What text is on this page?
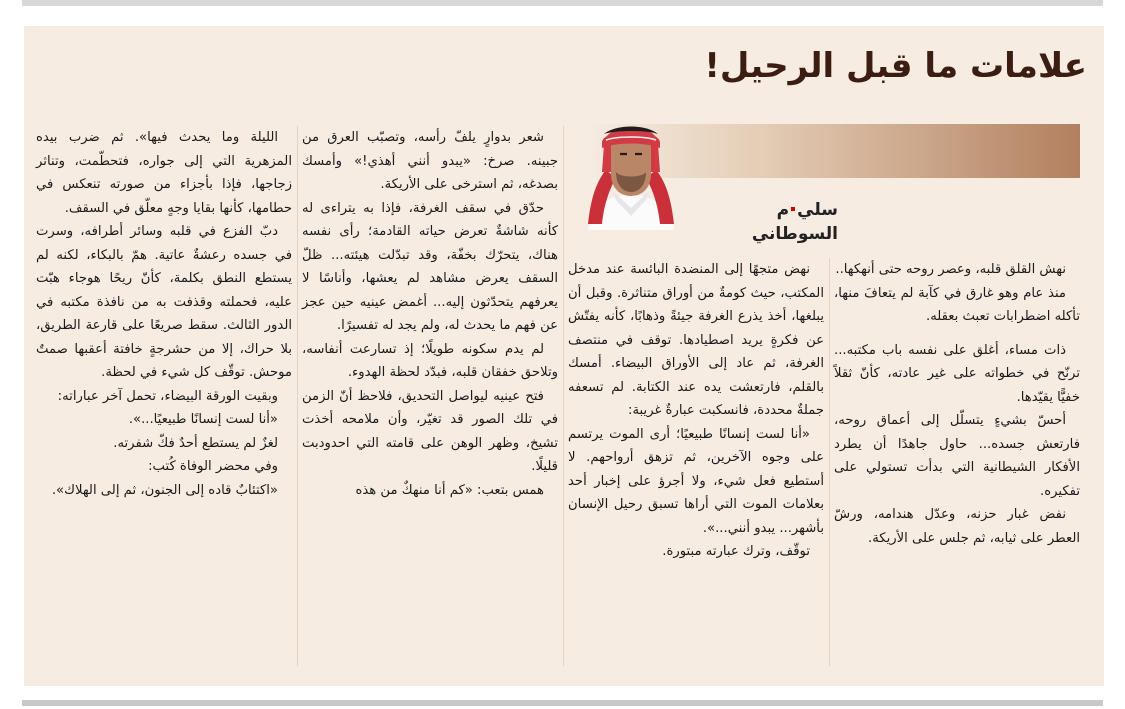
علامات ما قبل الرحيل!
سليم السوطاني

نهش القلق قلبه، وعصر روحه حتى أنهكها..

منذ عام وهو غارق في كآبة لم يتعافَ منها، تأكله اضطرابات تعبث بعقله.

ذات مساء، أغلق على نفسه باب مكتبه... ترنّح في خطواته على غير عادته، كأنّ ثقلاً خفيًّا يقيّدها.

أحسّ بشيءٍ يتسلّل إلى أعماق روحه، فارتعش جسده... حاول جاهدًا أن يطرد الأفكار الشيطانية التي بدأت تستولي على تفكيره.

نفض غبار حزنه، وعدّل هندامه، ورشّ العطر على ثيابه، ثم جلس على الأريكة.

نهض متجهًا إلى المنضدة البائسة عند مدخل المكتب، حيث كومةٌ من أوراق متناثرة. وقبل أن يبلغها، أخذ يذرع الغرفة جيئةً وذهابًا، كأنه يفتّش عن فكرةٍ يريد اصطيادها. توقف في منتصف الغرفة، ثم عاد إلى الأوراق البيضاء. أمسك بالقلم، فارتعشت يده عند الكتابة. لم تسعفه جملةٌ محددة، فانسكبت عبارةٌ غريبة:

«أنا لست إنسانًا طبيعيًا؛ أرى الموت يرتسم على وجوه الآخرين، ثم تزهق أرواحهم. لا أستطيع فعل شيء، ولا أجرؤ على إخبار أحد بعلامات الموت التي أراها تسبق رحيل الإنسان بأشهر... يبدو أنني...».

توقّف، وترك عبارته مبتورة.

شعر بدوارٍ يلفّ رأسه، وتصبّب العرق من جبينه. صرخ: «يبدو أنني أهذي!» وأمسك بصدغه، ثم استرخى على الأريكة.

حدّق في سقف الغرفة، فإذا به يتراءى له كأنه شاشةٌ تعرض حياته القادمة؛ رأى نفسه هناك، يتحرّك بخفّة، وقد تبدّلت هيئته... ظلّ السقف يعرض مشاهد لم يعشها، وأناسًا لا يعرفهم يتحدّثون إليه... أغمض عينيه حين عجز عن فهم ما يحدث له، ولم يجد له تفسيرًا.

لم يدم سكونه طويلًا؛ إذ تسارعت أنفاسه، وتلاحق خفقان قلبه، فبدّد لحظة الهدوء.

فتح عينيه ليواصل التحديق، فلاحظ أنّ الزمن في تلك الصور قد تغيّر، وأن ملامحه أخذت تشيخ، وظهر الوهن على قامته التي احدودبت قليلًا.

همس بتعب: «كم أنا منهكٌ من هذه

الليلة وما يحدث فيها». ثم ضرب بيده المزهرية التي إلى جواره، فتحطّمت، وتناثر زجاجها، فإذا بأجزاء من صورته تنعكس في حطامها، كأنها بقايا وجهٍ معلّق في السقف.

دبّ الفزع في قلبه وسائر أطرافه، وسرت في جسده رعشةٌ عاتية. همّ بالبكاء، لكنه لم يستطع النطق بكلمة، كأنّ ريحًا هوجاء هبّت عليه، فحملته وقذفت به من نافذة مكتبه في الدور الثالث. سقط صريعًا على قارعة الطريق، بلا حراك، إلا من حشرجةٍ خافتة أعقبها صمتٌ موحش. توقّف كل شيء في لحظة.

وبقيت الورقة البيضاء، تحمل آخر عباراته:

«أنا لست إنسانًا طبيعيًا...».

لغزٌ لم يستطع أحدٌ فكّ شفرته.

وفي محضر الوفاة كُتب:

«اكتئابٌ قاده إلى الجنون، ثم إلى الهلاك».
